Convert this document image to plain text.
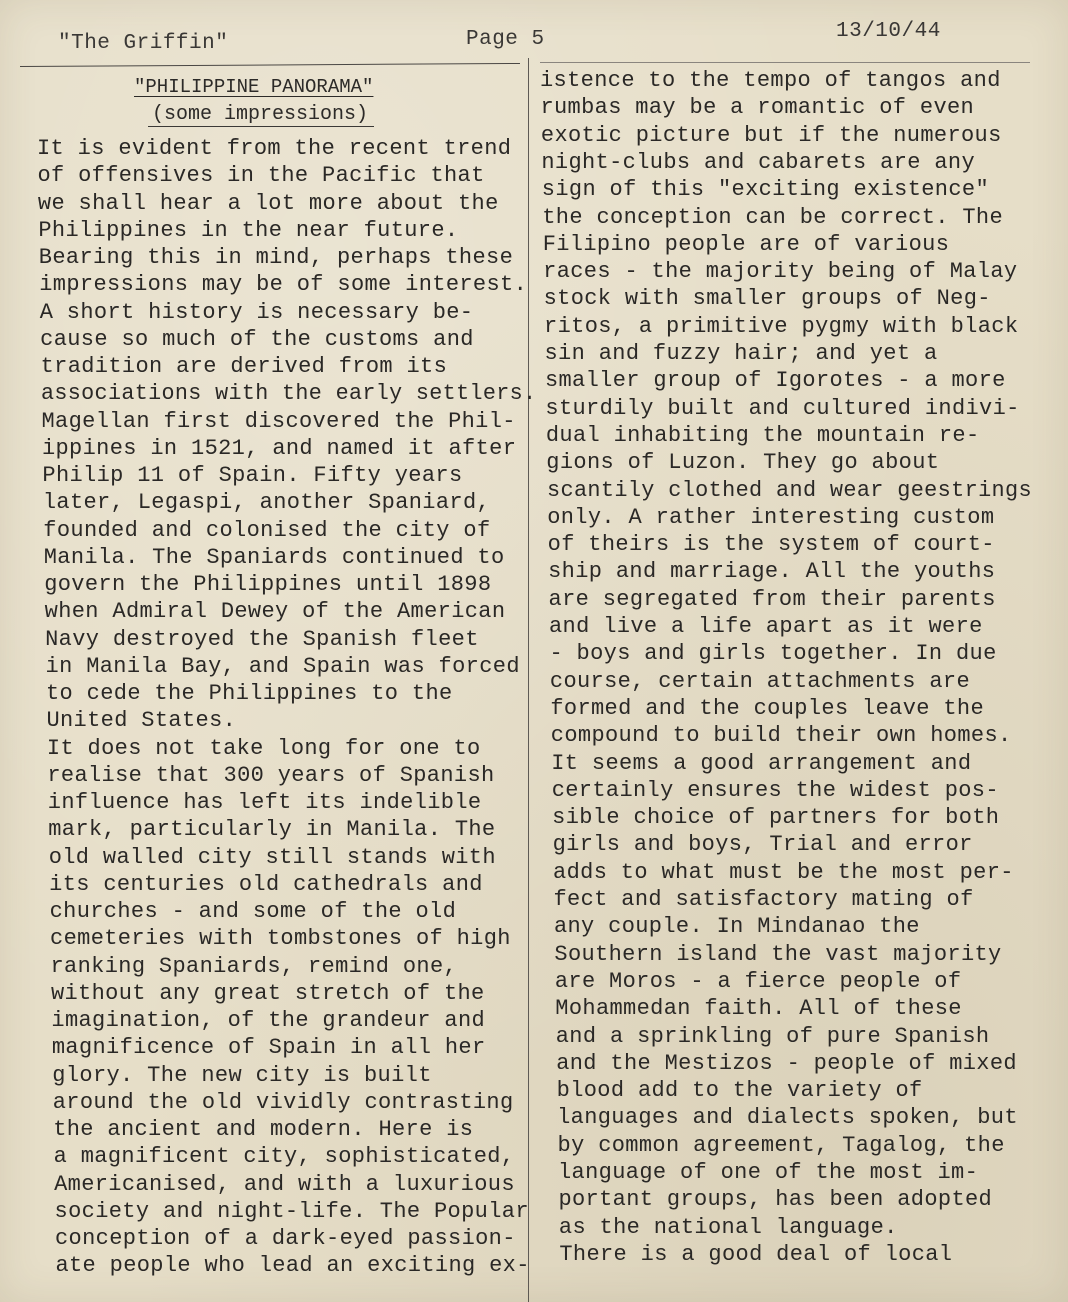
"The Griffin"	Page 5	13/10/44
"PHILIPPINE PANORAMA"
(some impressions)
It is evident from the recent trend
of offensives in the Pacific that
we shall hear a lot more about the
Philippines in the near future.
Bearing this in mind, perhaps these
impressions may be of some interest.
A short history is necessary be-
cause so much of the customs and
tradition are derived from its
associations with the early settlers.
Magellan first discovered the Phil-
ippines in 1521, and named it after
Philip 11 of Spain. Fifty years
later, Legaspi, another Spaniard,
founded and colonised the city of
Manila. The Spaniards continued to
govern the Philippines until 1898
when Admiral Dewey of the American
Navy destroyed the Spanish fleet
in Manila Bay, and Spain was forced
to cede the Philippines to the
United States.
It does not take long for one to
realise that 300 years of Spanish
influence has left its indelible
mark, particularly in Manila. The
old walled city still stands with
its centuries old cathedrals and
churches - and some of the old
cemeteries with tombstones of high
ranking Spaniards, remind one,
without any great stretch of the
imagination, of the grandeur and
magnificence of Spain in all her
glory. The new city is built
around the old vividly contrasting
the ancient and modern. Here is
a magnificent city, sophisticated,
Americanised, and with a luxurious
society and night-life. The Popular
conception of a dark-eyed passion-
ate people who lead an exciting ex-
istence to the tempo of tangos and
rumbas may be a romantic of even
exotic picture but if the numerous
night-clubs and cabarets are any
sign of this "exciting existence"
the conception can be correct. The
Filipino people are of various
races - the majority being of Malay
stock with smaller groups of Neg-
ritos, a primitive pygmy with black
sin and fuzzy hair; and yet a
smaller group of Igorotes - a more
sturdily built and cultured indivi-
dual inhabiting the mountain re-
gions of Luzon. They go about
scantily clothed and wear geestrings
only. A rather interesting custom
of theirs is the system of court-
ship and marriage. All the youths
are segregated from their parents
and live a life apart as it were
- boys and girls together. In due
course, certain attachments are
formed and the couples leave the
compound to build their own homes.
It seems a good arrangement and
certainly ensures the widest pos-
sible choice of partners for both
girls and boys, Trial and error
adds to what must be the most per-
fect and satisfactory mating of
any couple. In Mindanao the
Southern island the vast majority
are Moros - a fierce people of
Mohammedan faith. All of these
and a sprinkling of pure Spanish
and the Mestizos - people of mixed
blood add to the variety of
languages and dialects spoken, but
by common agreement, Tagalog, the
language of one of the most im-
portant groups, has been adopted
as the national language.
There is a good deal of local
